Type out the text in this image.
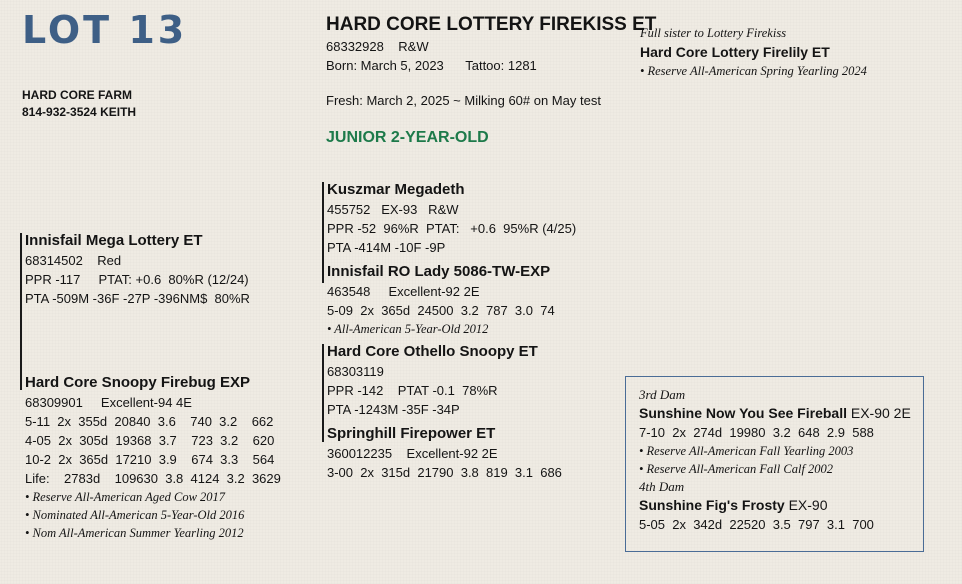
LOT 13
HARD CORE FARM
814-932-3524 KEITH
HARD CORE LOTTERY FIREKISS ET
68332928    R&W
Born: March 5, 2023      Tattoo: 1281
Fresh: March 2, 2025 ~ Milking 60# on May test
JUNIOR 2-YEAR-OLD
Full sister to Lottery Firekiss
Hard Core Lottery Firelily ET
• Reserve All-American Spring Yearling 2024
Innisfail Mega Lottery ET
68314502    Red
PPR -117     PTAT: +0.6  80%R (12/24)
PTA -509M -36F -27P -396NM$  80%R
Hard Core Snoopy Firebug EXP
68309901     Excellent-94 4E
5-11  2x  355d  20840  3.6    740  3.2    662
4-05  2x  305d  19368  3.7    723  3.2    620
10-2  2x  365d  17210  3.9    674  3.3    564
Life:    2783d    109630  3.8  4124  3.2  3629
• Reserve All-American Aged Cow 2017
• Nominated All-American 5-Year-Old 2016
• Nom All-American Summer Yearling 2012
Kuszmar Megadeth
455752   EX-93   R&W
PPR -52  96%R  PTAT:   +0.6  95%R (4/25)
PTA -414M -10F -9P
Innisfail RO Lady 5086-TW-EXP
463548     Excellent-92 2E
5-09  2x  365d  24500  3.2  787  3.0  74
• All-American 5-Year-Old 2012
Hard Core Othello Snoopy ET
68303119
PPR -142    PTAT -0.1  78%R
PTA -1243M -35F -34P
Springhill Firepower ET
360012235    Excellent-92 2E
3-00  2x  315d  21790  3.8  819  3.1  686
3rd Dam
Sunshine Now You See Fireball EX-90 2E
7-10  2x  274d  19980  3.2  648  2.9  588
• Reserve All-American Fall Yearling 2003
• Reserve All-American Fall Calf 2002
4th Dam
Sunshine Fig's Frosty EX-90
5-05  2x  342d  22520  3.5  797  3.1  700
